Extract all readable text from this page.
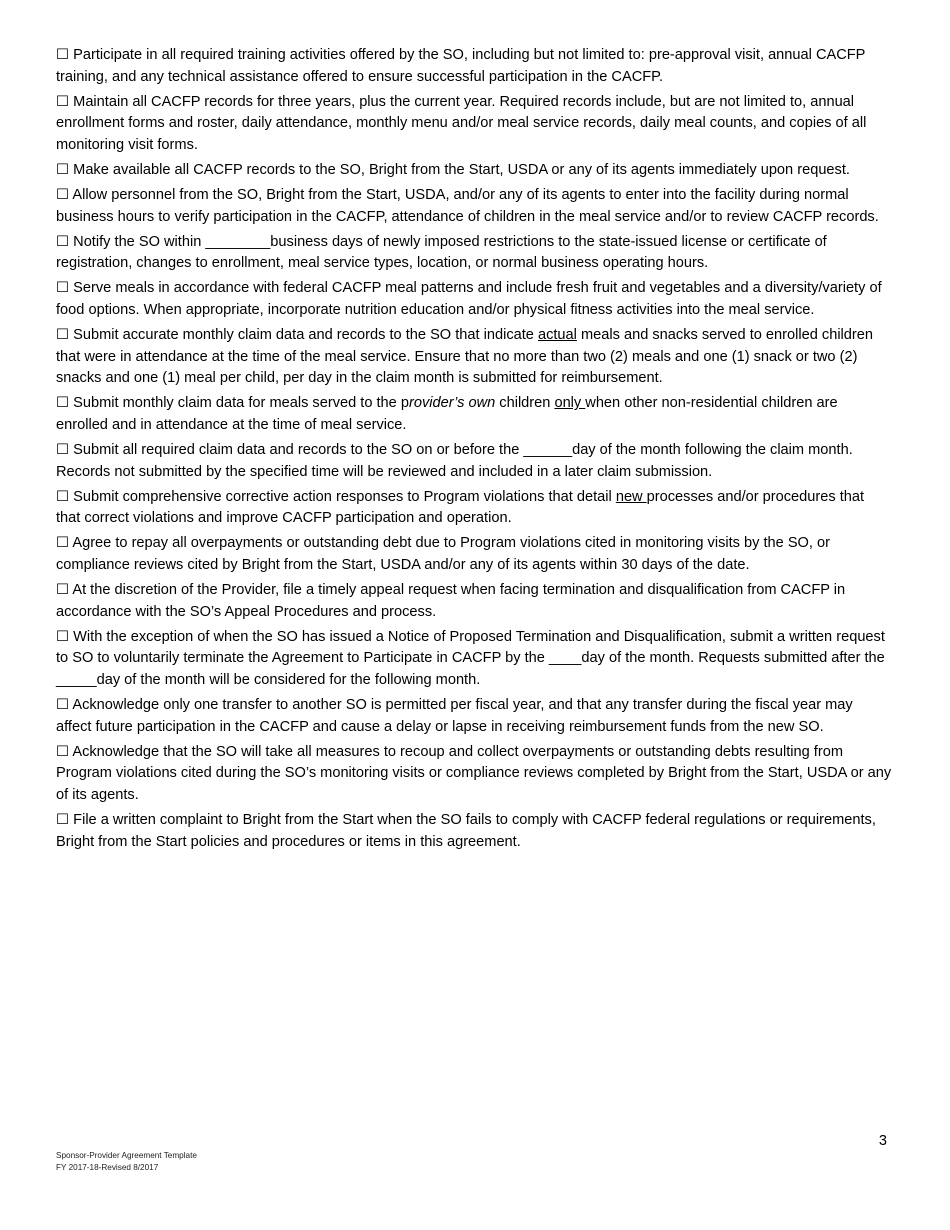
☐ Participate in all required training activities offered by the SO, including but not limited to: pre-approval visit, annual CACFP training, and any technical assistance offered to ensure successful participation in the CACFP.

☐ Maintain all CACFP records for three years, plus the current year. Required records include, but are not limited to, annual enrollment forms and roster, daily attendance, monthly menu and/or meal service records, daily meal counts, and copies of all monitoring visit forms.

☐ Make available all CACFP records to the SO, Bright from the Start, USDA or any of its agents immediately upon request.

☐ Allow personnel from the SO, Bright from the Start, USDA, and/or any of its agents to enter into the facility during normal business hours to verify participation in the CACFP, attendance of children in the meal service and/or to review CACFP records.

☐ Notify the SO within ________business days of newly imposed restrictions to the state-issued license or certificate of registration, changes to enrollment, meal service types, location, or normal business operating hours.

☐ Serve meals in accordance with federal CACFP meal patterns and include fresh fruit and vegetables and a diversity/variety of food options. When appropriate, incorporate nutrition education and/or physical fitness activities into the meal service.

☐ Submit accurate monthly claim data and records to the SO that indicate actual meals and snacks served to enrolled children that were in attendance at the time of the meal service. Ensure that no more than two (2) meals and one (1) snack or two (2) snacks and one (1) meal per child, per day in the claim month is submitted for reimbursement.

☐ Submit monthly claim data for meals served to the provider’s own children only when other non-residential children are enrolled and in attendance at the time of meal service.

☐ Submit all required claim data and records to the SO on or before the ______day of the month following the claim month. Records not submitted by the specified time will be reviewed and included in a later claim submission.

☐ Submit comprehensive corrective action responses to Program violations that detail new processes and/or procedures that that correct violations and improve CACFP participation and operation.

☐ Agree to repay all overpayments or outstanding debt due to Program violations cited in monitoring visits by the SO, or compliance reviews cited by Bright from the Start, USDA and/or any of its agents within 30 days of the date.

☐ At the discretion of the Provider, file a timely appeal request when facing termination and disqualification from CACFP in accordance with the SO’s Appeal Procedures and process.

☐ With the exception of when the SO has issued a Notice of Proposed Termination and Disqualification, submit a written request to SO to voluntarily terminate the Agreement to Participate in CACFP by the ____day of the month. Requests submitted after the _____day of the month will be considered for the following month.

☐ Acknowledge only one transfer to another SO is permitted per fiscal year, and that any transfer during the fiscal year may affect future participation in the CACFP and cause a delay or lapse in receiving reimbursement funds from the new SO.

☐ Acknowledge that the SO will take all measures to recoup and collect overpayments or outstanding debts resulting from Program violations cited during the SO’s monitoring visits or compliance reviews completed by Bright from the Start, USDA or any of its agents.

☐ File a written complaint to Bright from the Start when the SO fails to comply with CACFP federal regulations or requirements, Bright from the Start policies and procedures or items in this agreement.

3
Sponsor-Provider Agreement Template
FY 2017-18-Revised 8/2017
